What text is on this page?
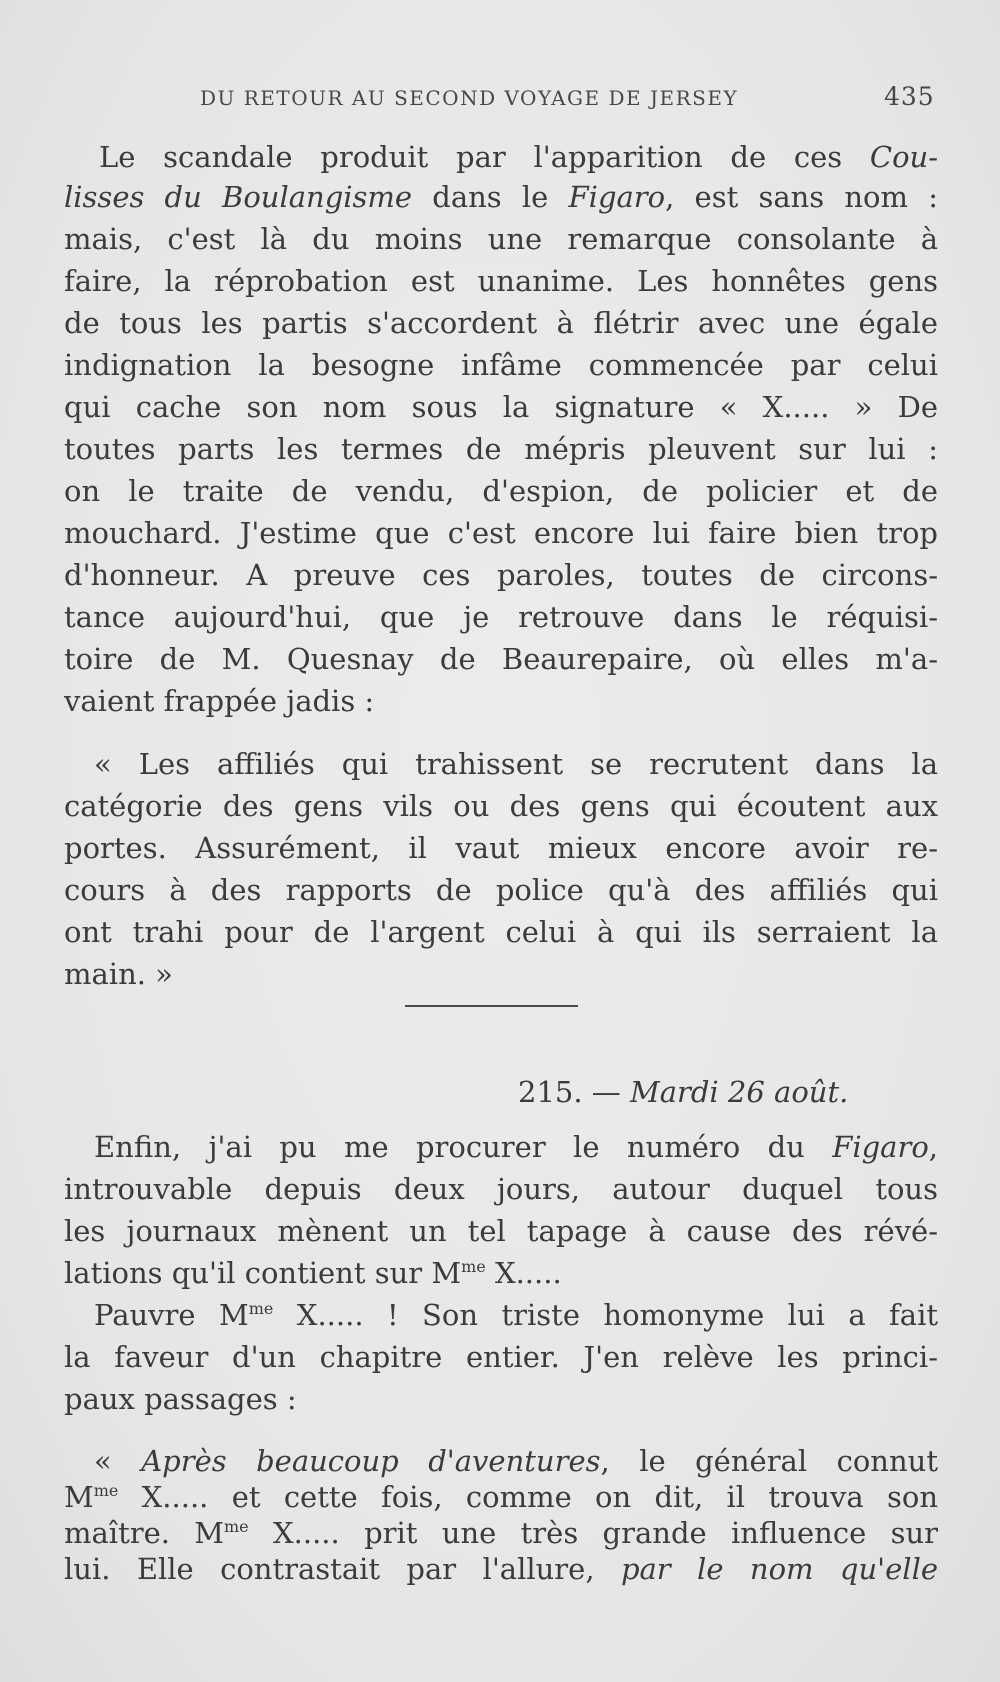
DU RETOUR AU SECOND VOYAGE DE JERSEY	435
Le scandale produit par l'apparition de ces Cou-
lisses du Boulangisme dans le Figaro, est sans nom :
mais, c'est là du moins une remarque consolante à
faire, la réprobation est unanime. Les honnêtes gens
de tous les partis s'accordent à flétrir avec une égale
indignation la besogne infâme commencée par celui
qui cache son nom sous la signature « X..... » De
toutes parts les termes de mépris pleuvent sur lui :
on le traite de vendu, d'espion, de policier et de
mouchard. J'estime que c'est encore lui faire bien trop
d'honneur. A preuve ces paroles, toutes de circons-
tance aujourd'hui, que je retrouve dans le réquisi-
toire de M. Quesnay de Beaurepaire, où elles m'a-
vaient frappée jadis :
« Les affiliés qui trahissent se recrutent dans la
catégorie des gens vils ou des gens qui écoutent aux
portes. Assurément, il vaut mieux encore avoir re-
cours à des rapports de police qu'à des affiliés qui
ont trahi pour de l'argent celui à qui ils serraient la
main. »
215. — Mardi 26 août.
Enfin, j'ai pu me procurer le numéro du Figaro,
introuvable depuis deux jours, autour duquel tous
les journaux mènent un tel tapage à cause des révé-
lations qu'il contient sur $M^{me}$ X.....
Pauvre $M^{me}$ X..... ! Son triste homonyme lui a fait
la faveur d'un chapitre entier. J'en relève les princi-
paux passages :
« Après beaucoup d'aventures, le général connut
$M^{me}$ X..... et cette fois, comme on dit, il trouva son
maître. $M^{me}$ X..... prit une très grande influence sur
lui. Elle contrastait par l'allure, par le nom qu'elle
